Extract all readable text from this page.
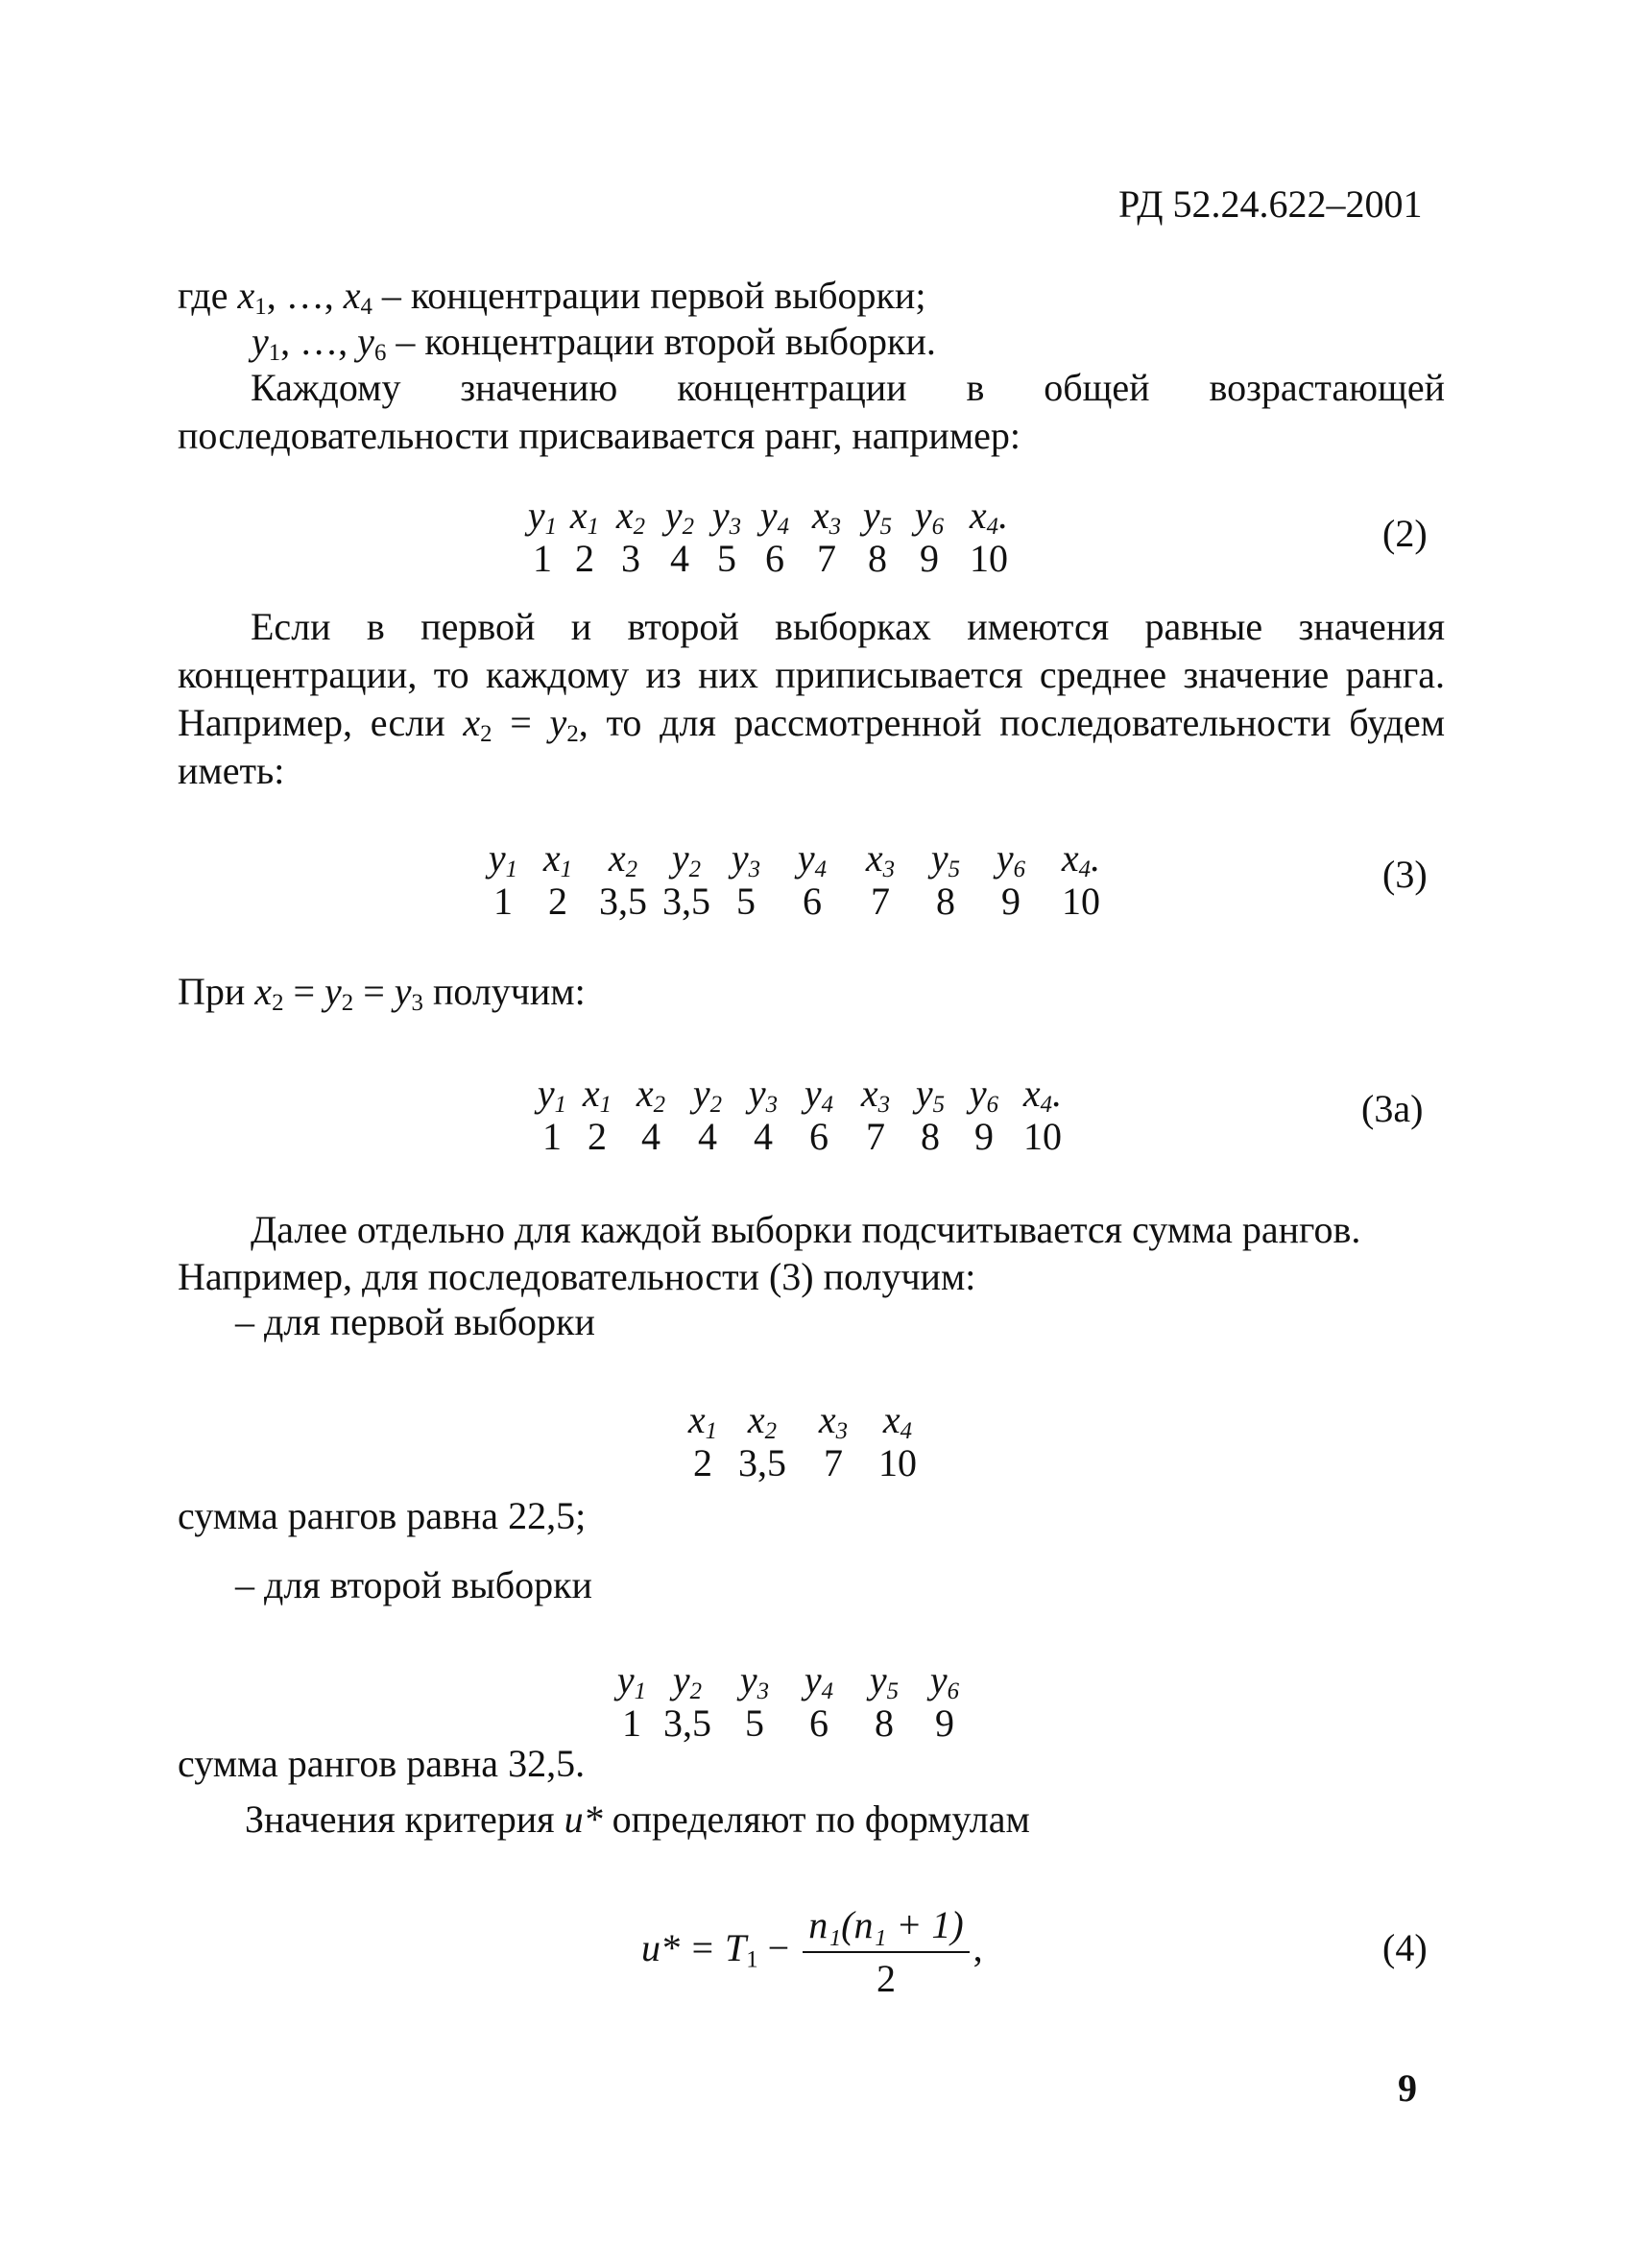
РД 52.24.622–2001
где $x_1$, …, $x_4$ – концентрации первой выборки;
$y_1$, …, $y_6$ – концентрации второй выборки.
Каждому значению концентрации в общей возрастающей последовательности присваивается ранг, например:
$y_1$ $x_1$ $x_2$ $y_2$ $y_3$ $y_4$ $x_3$ $y_5$ $y_6$ $x_4$.
1 2 3 4 5 6 7 8 9 10
(2)
Если в первой и второй выборках имеются равные значения концентрации, то каждому из них приписывается среднее значение ранга. Например, если $x_2 = y_2$, то для рассмотренной последовательности будем иметь:
$y_1$ $x_1$ $x_2$ $y_2$ $y_3$ $y_4$	$x_3$ $y_5$ $y_6$ $x_4$.
1 2 3,5 3,5 5	6	7	8	9	10
(3)
При $x_2 = y_2 = y_3$ получим:
$y_1$ $x_1$ $x_2$ $y_2$ $y_3$ $y_4$ $x_3$ $y_5$ $y_6$ $x_4$.
1 2 4 4 4 6 7 8 9 10
(3а)
Далее отдельно для каждой выборки подсчитывается сумма рангов.
Например, для последовательности (3) получим:
– для первой выборки
$x_1$ $x_2$	$x_3$ $x_4$
2 3,5 7 10
сумма рангов равна 22,5;
– для второй выборки
$y_1$ $y_2$ $y_3$ $y_4$ $y_5$ $y_6$
1 3,5 5	6	8	9
сумма рангов равна 32,5.
Значения критерия u* определяют по формулам
$u* = T_1 - \frac{\text{n₁(n₁ + 1)}}{2}$ ,	(4)
9
